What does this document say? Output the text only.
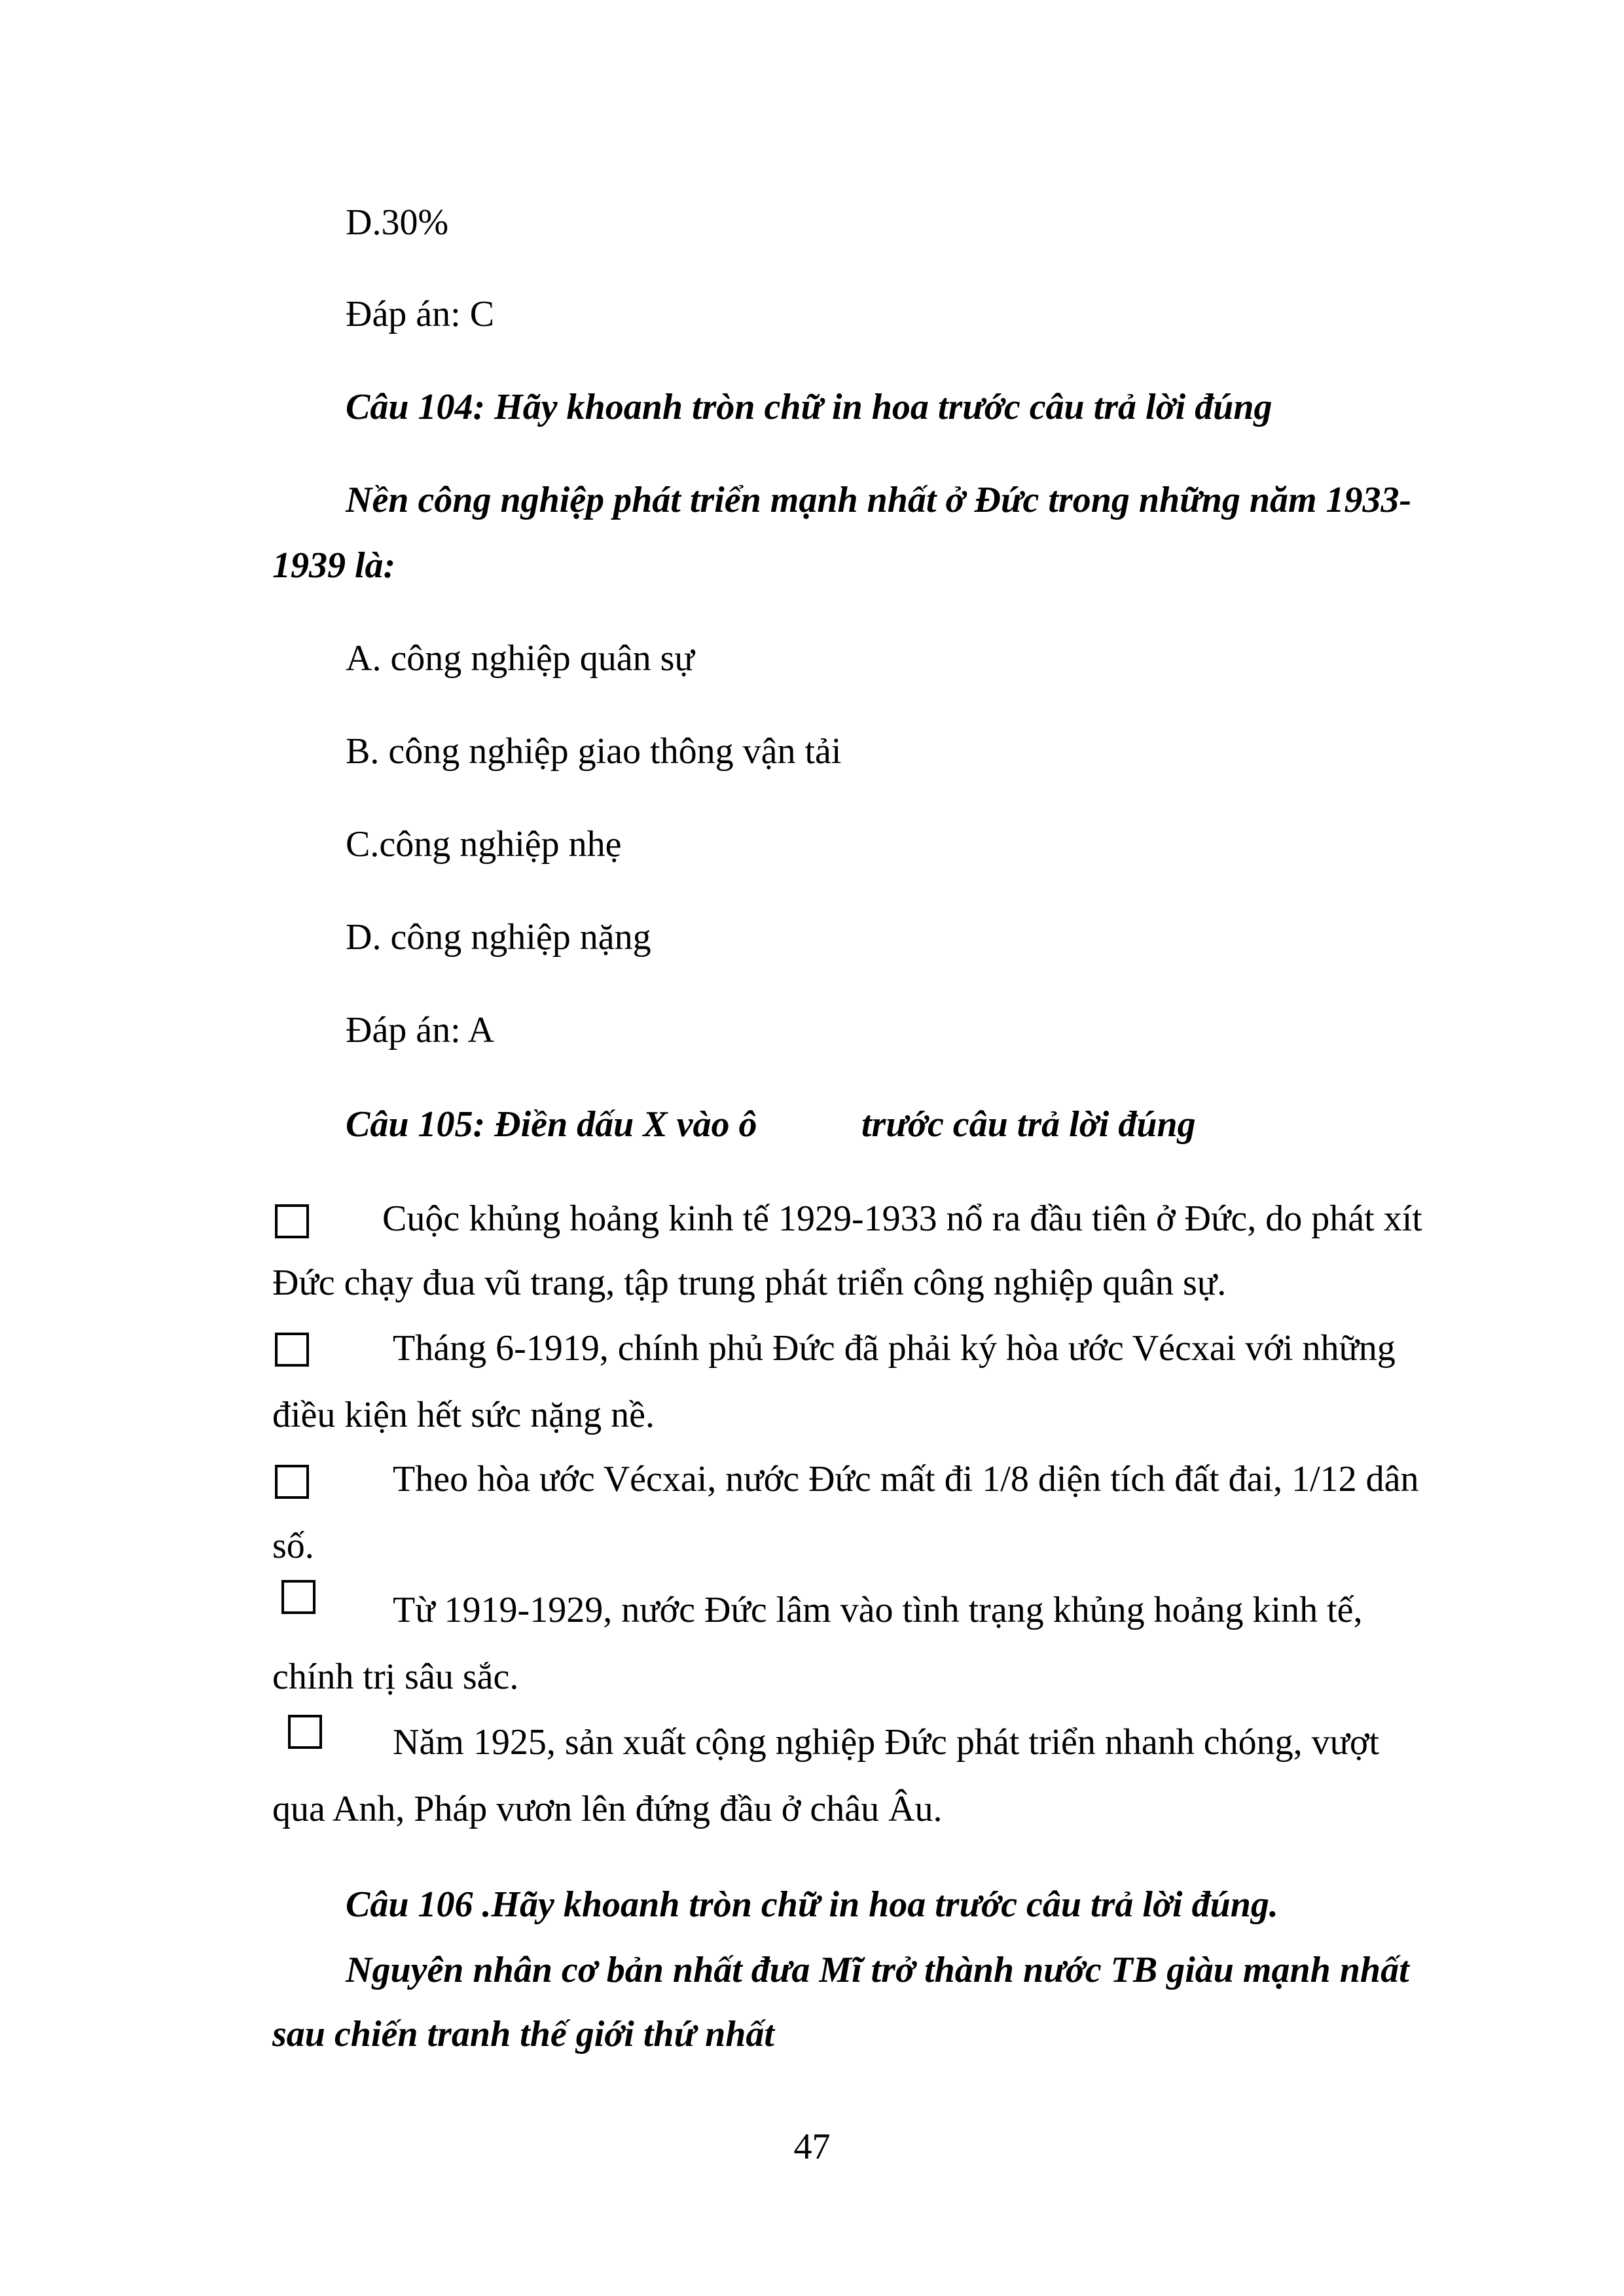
D.30%
Đáp án: C
Câu 104: Hãy khoanh tròn chữ in hoa trước câu trả lời đúng
Nền công nghiệp phát triển mạnh nhất ở Đức trong những năm 1933-
1939 là:
A. công nghiệp quân sự
B. công nghiệp giao thông vận tải
C.công nghiệp nhẹ
D. công nghiệp nặng
Đáp án: A
Câu 105: Điền dấu X vào ô	trước câu trả lời đúng
Cuộc khủng hoảng kinh tế 1929-1933 nổ ra đầu tiên ở Đức, do phát xít
Đức chạy đua vũ trang, tập trung phát triển công nghiệp quân sự.
Tháng 6-1919, chính phủ Đức đã phải ký hòa ước Vécxai với những
điều kiện hết sức nặng nề.
Theo hòa ước Vécxai, nước Đức mất đi 1/8 diện tích đất đai, 1/12 dân
số.
Từ 1919-1929, nước Đức lâm vào tình trạng khủng hoảng kinh tế,
chính trị sâu sắc.
Năm 1925, sản xuất cộng nghiệp Đức phát triển nhanh chóng, vượt
qua Anh, Pháp vươn lên đứng đầu ở châu Âu.
Câu 106 .Hãy khoanh tròn chữ in hoa trước câu trả lời đúng.
Nguyên nhân cơ bản nhất đưa Mĩ trở thành nước TB giàu mạnh nhất
sau chiến tranh thế giới thứ nhất
47
